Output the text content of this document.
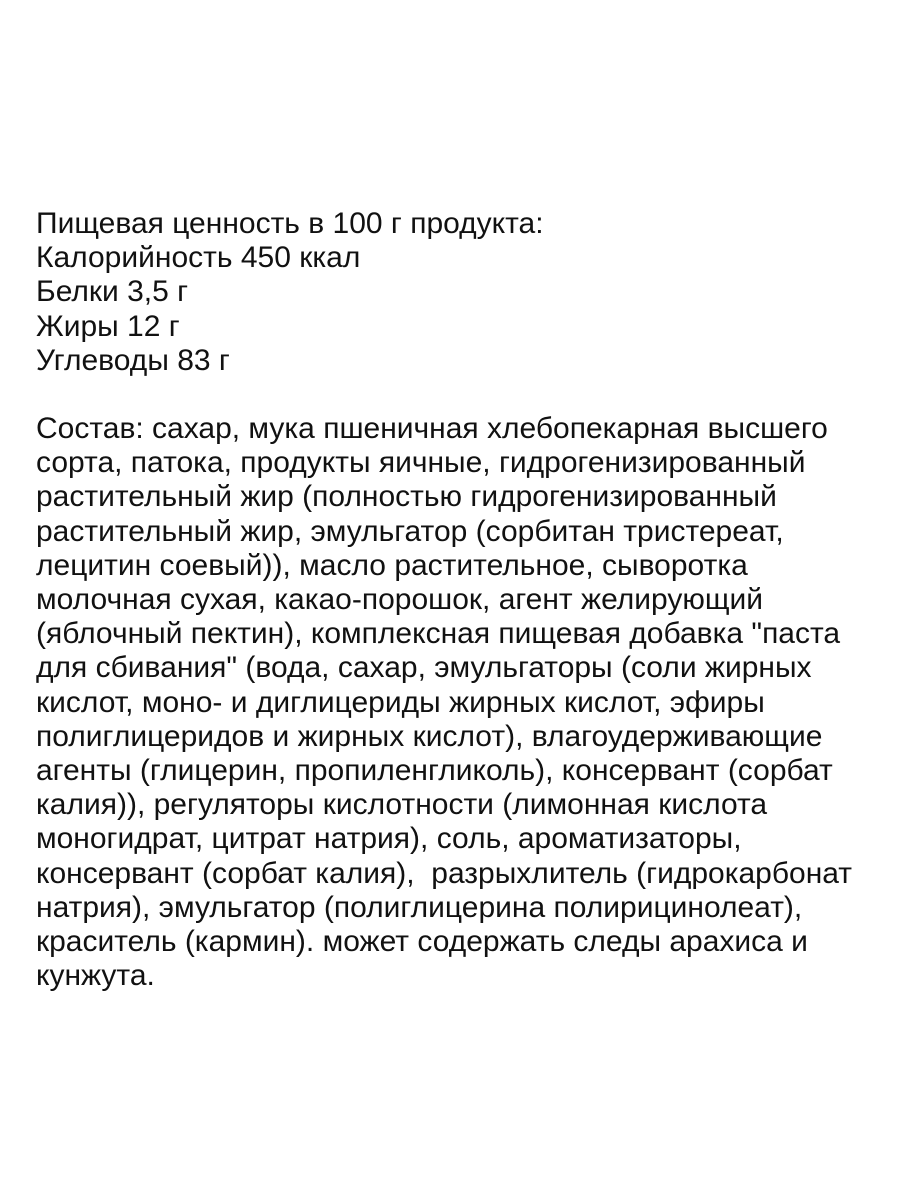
Пищевая ценность в 100 г продукта:

Калорийность 450 ккал

Белки 3,5 г

Жиры 12 г

Углеводы 83 г

Состав: сахар, мука пшеничная хлебопекарная высшего

сорта, патока, продукты яичные, гидрогенизированный

растительный жир (полностью гидрогенизированный

растительный жир, эмульгатор (сорбитан тристереат,

лецитин соевый)), масло растительное, сыворотка

молочная сухая, какао-порошок, агент желирующий

(яблочный пектин), комплексная пищевая добавка "паста

для сбивания" (вода, сахар, эмульгаторы (соли жирных

кислот, моно- и диглицериды жирных кислот, эфиры

полиглицеридов и жирных кислот), влагоудерживающие

агенты (глицерин, пропиленгликоль), консервант (сорбат

калия)), регуляторы кислотности (лимонная кислота

моногидрат, цитрат натрия), соль, ароматизаторы,

консервант (сорбат калия),  разрыхлитель (гидрокарбонат

натрия), эмульгатор (полиглицерина полирицинолеат),

краситель (кармин). может содержать следы арахиса и

кунжута.
